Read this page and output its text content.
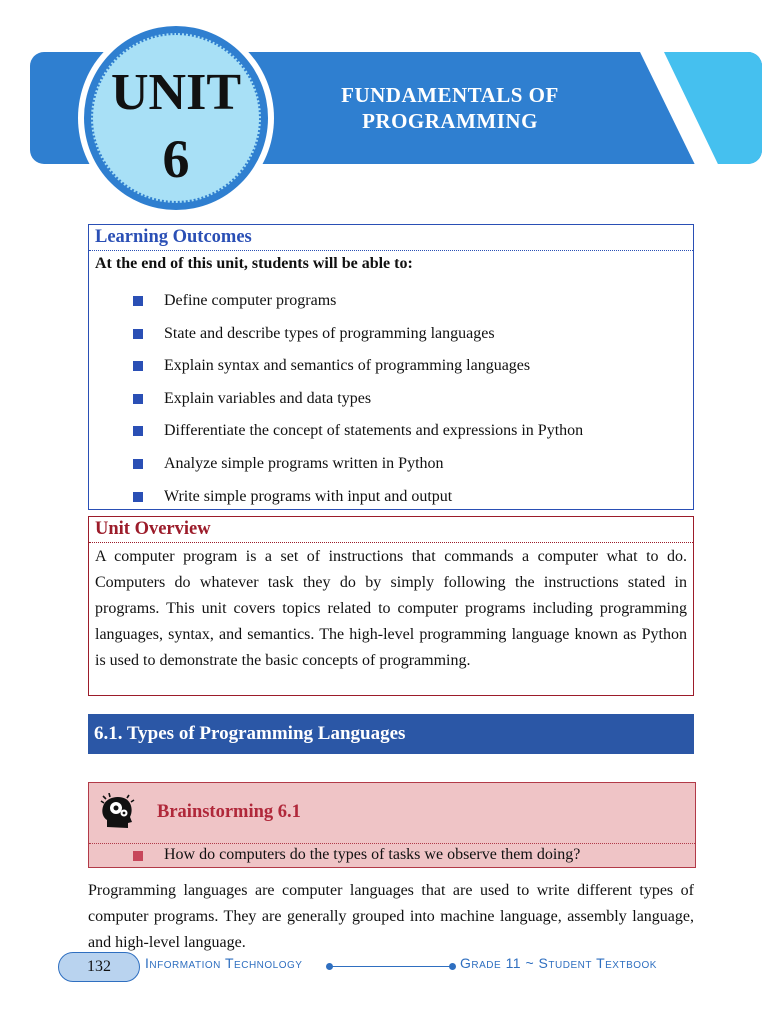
FUNDAMENTALS OF
PROGRAMMING
UNIT
6
Learning Outcomes
At the end of this unit, students will be able to:
Define computer programs
State and describe types of programming languages
Explain syntax and semantics of programming languages
Explain variables and data types
Differentiate the concept of statements and expressions in Python
Analyze simple programs written in Python
Write simple programs with input and output
Unit Overview
A computer program is a set of instructions that commands a computer what to do. Computers do whatever task they do by simply following the instructions stated in programs. This unit covers topics related to computer programs including programming languages, syntax, and semantics. The high-level programming language known as Python is used to demonstrate the basic concepts of programming.
6.1. Types of Programming Languages
Brainstorming 6.1
How do computers do the types of tasks we observe them doing?
Programming languages are computer languages that are used to write different types of computer programs. They are generally grouped into machine language, assembly language, and high-level language.
132	Information Technology	Grade 11 ~ Student Textbook
